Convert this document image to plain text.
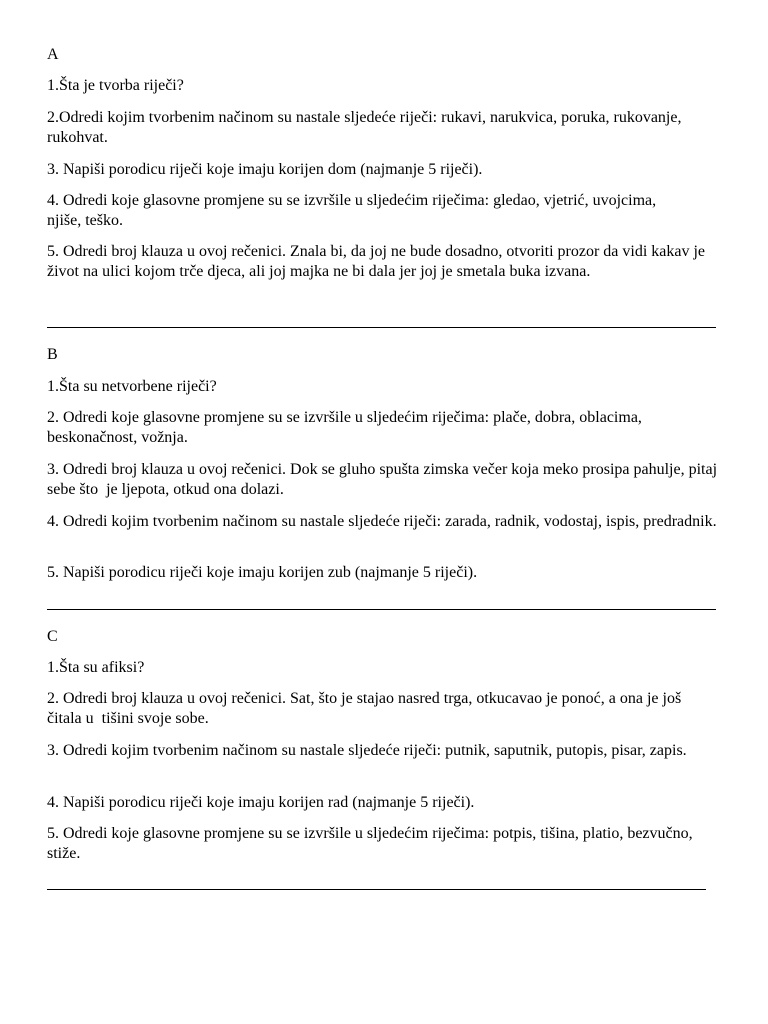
A

1.Šta je tvorba riječi?

2.Odredi kojim tvorbenim načinom su nastale sljedeće riječi: rukavi, narukvica, poruka, rukovanje, rukohvat.

3. Napiši porodicu riječi koje imaju korijen dom (najmanje 5 riječi).

4. Odredi koje glasovne promjene su se izvršile u sljedećim riječima: gledao, vjetrić, uvojcima, njiše, teško.

5. Odredi broj klauza u ovoj rečenici. Znala bi, da joj ne bude dosadno, otvoriti prozor da vidi kakav je život na ulici kojom trče djeca, ali joj majka ne bi dala jer joj je smetala buka izvana.

B

1.Šta su netvorbene riječi?

2. Odredi koje glasovne promjene su se izvršile u sljedećim riječima: plače, dobra, oblacima, beskonačnost, vožnja.

3. Odredi broj klauza u ovoj rečenici. Dok se gluho spušta zimska večer koja meko prosipa pahulje, pitaj sebe što  je ljepota, otkud ona dolazi.

4. Odredi kojim tvorbenim načinom su nastale sljedeće riječi: zarada, radnik, vodostaj, ispis, predradnik.

5. Napiši porodicu riječi koje imaju korijen zub (najmanje 5 riječi).

C

1.Šta su afiksi?

2. Odredi broj klauza u ovoj rečenici. Sat, što je stajao nasred trga, otkucavao je ponoć, a ona je još čitala u  tišini svoje sobe.

3. Odredi kojim tvorbenim načinom su nastale sljedeće riječi: putnik, saputnik, putopis, pisar, zapis.

4. Napiši porodicu riječi koje imaju korijen rad (najmanje 5 riječi).

5. Odredi koje glasovne promjene su se izvršile u sljedećim riječima: potpis, tišina, platio, bezvučno, stiže.
